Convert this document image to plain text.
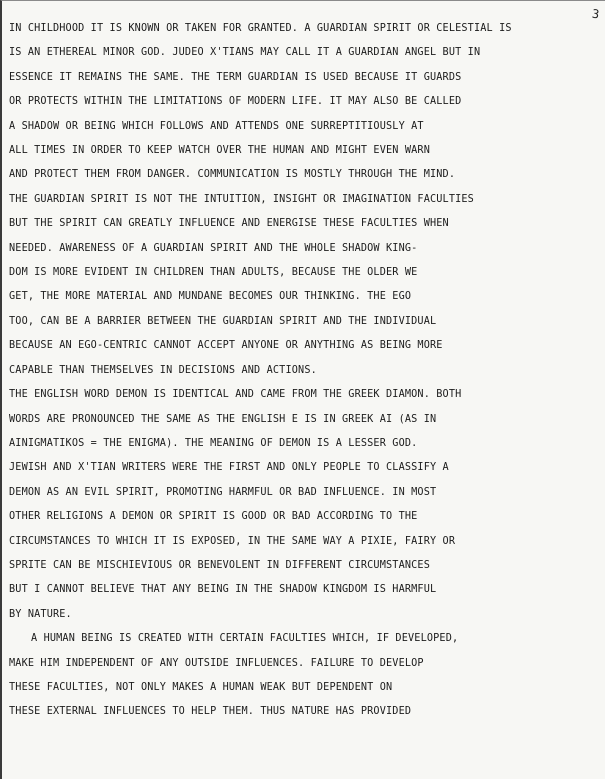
3
IN CHILDHOOD IT IS KNOWN OR TAKEN FOR GRANTED. A GUARDIAN SPIRIT OR CELESTIAL IS
IS AN ETHEREAL MINOR GOD. JUDEO X'TIANS MAY CALL IT A GUARDIAN ANGEL BUT IN
ESSENCE IT REMAINS THE SAME. THE TERM GUARDIAN IS USED BECAUSE IT GUARDS
OR PROTECTS WITHIN THE LIMITATIONS OF MODERN LIFE. IT MAY ALSO BE CALLED
A SHADOW OR BEING WHICH FOLLOWS AND ATTENDS ONE SURREPTITIOUSLY AT
ALL TIMES IN ORDER TO KEEP WATCH OVER THE HUMAN AND MIGHT EVEN WARN
AND PROTECT THEM FROM DANGER. COMMUNICATION IS MOSTLY THROUGH THE MIND.
THE GUARDIAN SPIRIT IS NOT THE INTUITION, INSIGHT OR IMAGINATION FACULTIES
BUT THE SPIRIT CAN GREATLY INFLUENCE AND ENERGISE THESE FACULTIES WHEN
NEEDED. AWARENESS OF A GUARDIAN SPIRIT AND THE WHOLE SHADOW KING-
DOM IS MORE EVIDENT IN CHILDREN THAN ADULTS, BECAUSE THE OLDER WE
GET, THE MORE MATERIAL AND MUNDANE BECOMES OUR THINKING. THE EGO
TOO, CAN BE A BARRIER BETWEEN THE GUARDIAN SPIRIT AND THE INDIVIDUAL
BECAUSE AN EGO-CENTRIC CANNOT ACCEPT ANYONE OR ANYTHING AS BEING MORE
CAPABLE THAN THEMSELVES IN DECISIONS AND ACTIONS.
THE ENGLISH WORD DEMON IS IDENTICAL AND CAME FROM THE GREEK DIAMON. BOTH
WORDS ARE PRONOUNCED THE SAME AS THE ENGLISH E IS IN GREEK AI (AS IN
AINIGMATIKOS = THE ENIGMA). THE MEANING OF DEMON IS A LESSER GOD.
JEWISH AND X'TIAN WRITERS WERE THE FIRST AND ONLY PEOPLE TO CLASSIFY A
DEMON AS AN EVIL SPIRIT, PROMOTING HARMFUL OR BAD INFLUENCE. IN MOST
OTHER RELIGIONS A DEMON OR SPIRIT IS GOOD OR BAD ACCORDING TO THE
CIRCUMSTANCES TO WHICH IT IS EXPOSED, IN THE SAME WAY A PIXIE, FAIRY OR
SPRITE CAN BE MISCHIEVIOUS OR BENEVOLENT IN DIFFERENT CIRCUMSTANCES
BUT I CANNOT BELIEVE THAT ANY BEING IN THE SHADOW KINGDOM IS HARMFUL
BY NATURE.
A HUMAN BEING IS CREATED WITH CERTAIN FACULTIES WHICH, IF DEVELOPED,
MAKE HIM INDEPENDENT OF ANY OUTSIDE INFLUENCES. FAILURE TO DEVELOP
THESE FACULTIES, NOT ONLY MAKES A HUMAN WEAK BUT DEPENDENT ON
THESE EXTERNAL INFLUENCES TO HELP THEM. THUS NATURE HAS PROVIDED
